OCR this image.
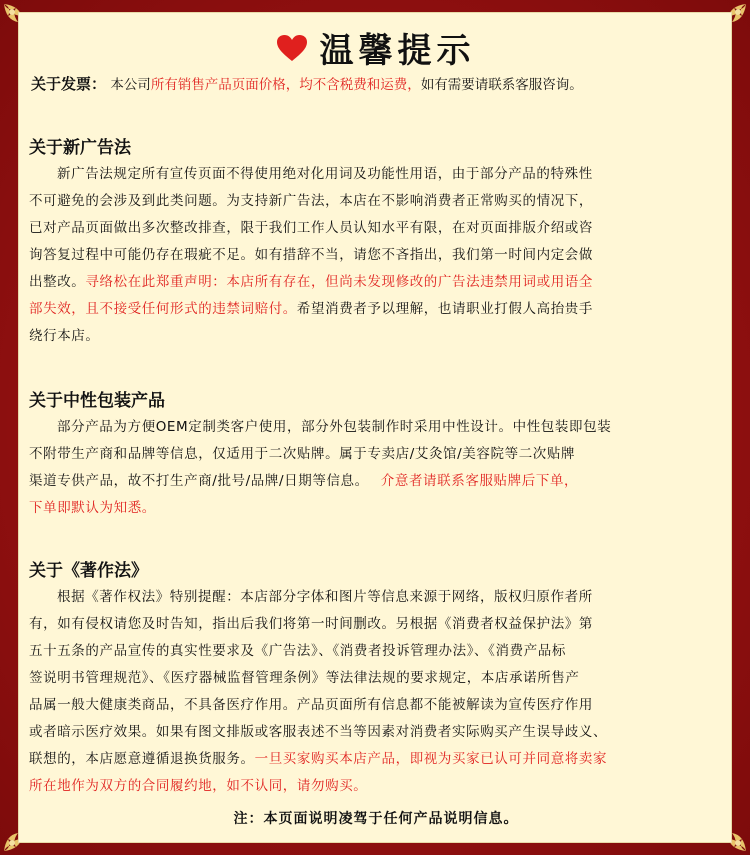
温馨提示
关于发票： 本公司所有销售产品页面价格，均不含税费和运费，如有需要请联系客服咨询。
关于新广告法
新广告法规定所有宣传页面不得使用绝对化用词及功能性用语，由于部分产品的特殊性
不可避免的会涉及到此类问题。为支持新广告法，本店在不影响消费者正常购买的情况下，
已对产品页面做出多次整改排查，限于我们工作人员认知水平有限，在对页面排版介绍或咨
询答复过程中可能仍存在瑕疵不足。如有措辞不当，请您不吝指出，我们第一时间内定会做
出整改。寻络松在此郑重声明：本店所有存在，但尚未发现修改的广告法违禁用词或用语全
部失效，且不接受任何形式的违禁词赔付。希望消费者予以理解，也请职业打假人高抬贵手
绕行本店。
关于中性包装产品
部分产品为方便OEM定制类客户使用，部分外包装制作时采用中性设计。中性包装即包装
不附带生产商和品牌等信息，仅适用于二次贴牌。属于专卖店/艾灸馆/美容院等二次贴牌
渠道专供产品，故不打生产商/批号/品牌/日期等信息。 介意者请联系客服贴牌后下单，
下单即默认为知悉。
关于《著作法》
根据《著作权法》特别提醒：本店部分字体和图片等信息来源于网络，版权归原作者所
有，如有侵权请您及时告知，指出后我们将第一时间删改。另根据《消费者权益保护法》第
五十五条的产品宣传的真实性要求及《广告法》、《消费者投诉管理办法》、《消费产品标
签说明书管理规范》、《医疗器械监督管理条例》等法律法规的要求规定，本店承诺所售产
品属一般大健康类商品，不具备医疗作用。产品页面所有信息都不能被解读为宣传医疗作用
或者暗示医疗效果。如果有图文排版或客服表述不当等因素对消费者实际购买产生误导歧义、
联想的，本店愿意遵循退换货服务。一旦买家购买本店产品，即视为买家已认可并同意将卖家
所在地作为双方的合同履约地，如不认同，请勿购买。
注：本页面说明凌驾于任何产品说明信息。
